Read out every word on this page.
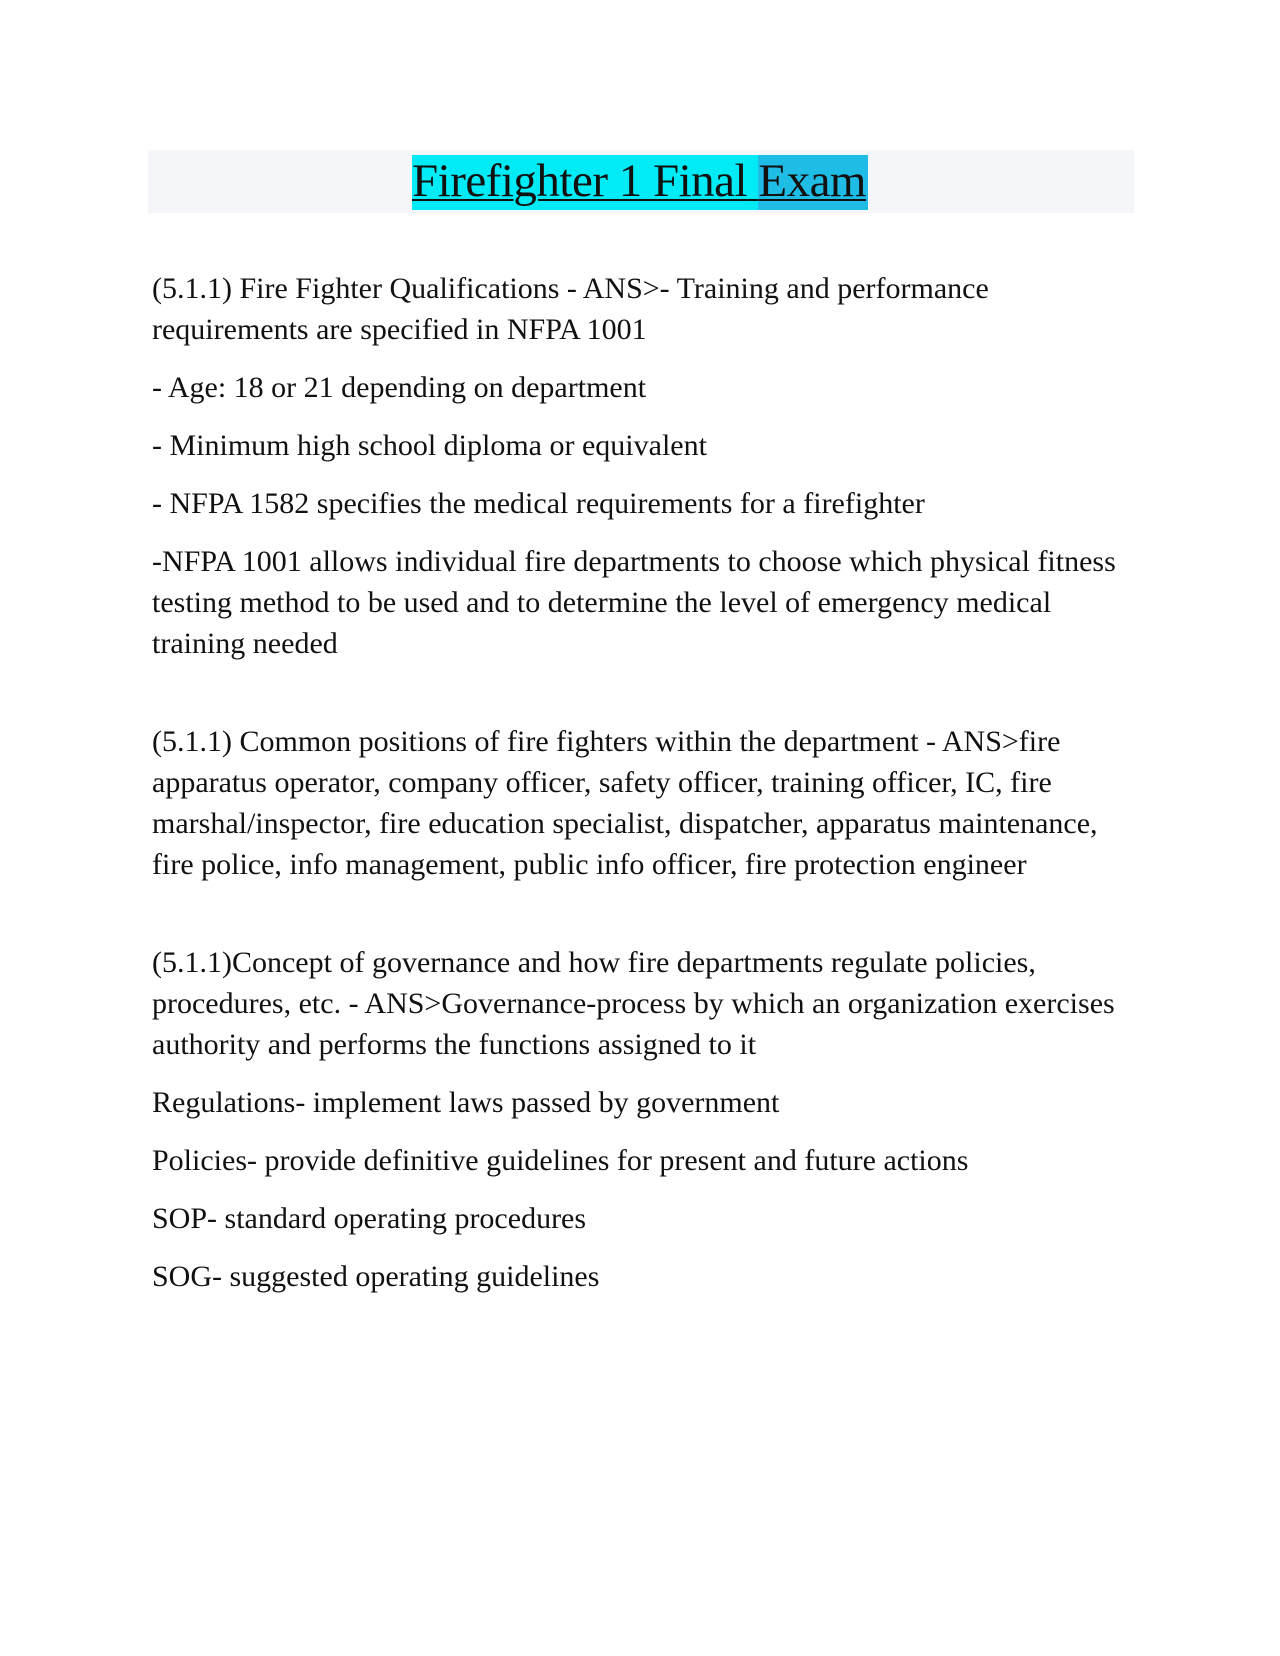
Firefighter 1 Final Exam

(5.1.1) Fire Fighter Qualifications - ANS>- Training and performance requirements are specified in NFPA 1001

- Age: 18 or 21 depending on department

- Minimum high school diploma or equivalent

- NFPA 1582 specifies the medical requirements for a firefighter

-NFPA 1001 allows individual fire departments to choose which physical fitness testing method to be used and to determine the level of emergency medical training needed

(5.1.1) Common positions of fire fighters within the department - ANS>fire apparatus operator, company officer, safety officer, training officer, IC, fire marshal/inspector, fire education specialist, dispatcher, apparatus maintenance, fire police, info management, public info officer, fire protection engineer

(5.1.1)Concept of governance and how fire departments regulate policies, procedures, etc. - ANS>Governance-process by which an organization exercises authority and performs the functions assigned to it

Regulations- implement laws passed by government

Policies- provide definitive guidelines for present and future actions

SOP- standard operating procedures

SOG- suggested operating guidelines
